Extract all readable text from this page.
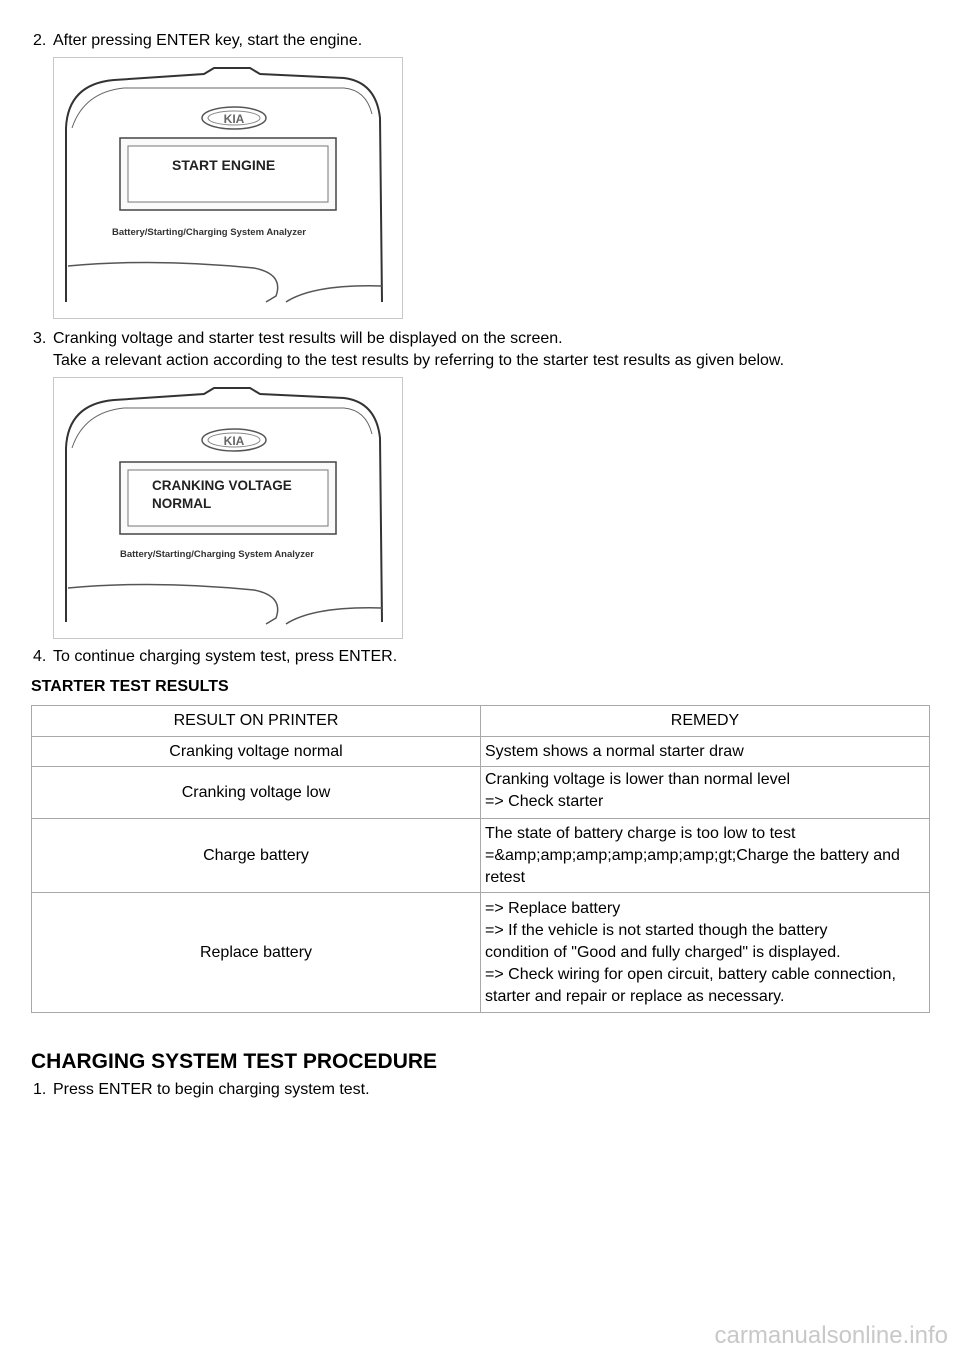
2. After pressing ENTER key, start the engine.
KIA
START ENGINE
Battery/Starting/Charging System Analyzer
3. Cranking voltage and starter test results will be displayed on the screen.
Take a relevant action according to the test results by referring to the starter test results as given below.
KIA
CRANKING VOLTAGE
NORMAL
Battery/Starting/Charging System Analyzer
4. To continue charging system test, press ENTER.
STARTER TEST RESULTS
RESULT ON PRINTER	REMEDY
Cranking voltage normal	System shows a normal starter draw

Cranking voltage low	Cranking voltage is lower than normal level
=> Check starter

Charge battery	The state of battery charge is too low to test
=&amp;amp;amp;amp;amp;amp;gt;Charge the battery and
retest

Replace battery	=> Replace battery
=> If the vehicle is not started though the battery
condition of "Good and fully charged" is displayed.
=> Check wiring for open circuit, battery cable connection,
starter and repair or replace as necessary.
CHARGING SYSTEM TEST PROCEDURE
1. Press ENTER to begin charging system test.
carmanualsonline.info
